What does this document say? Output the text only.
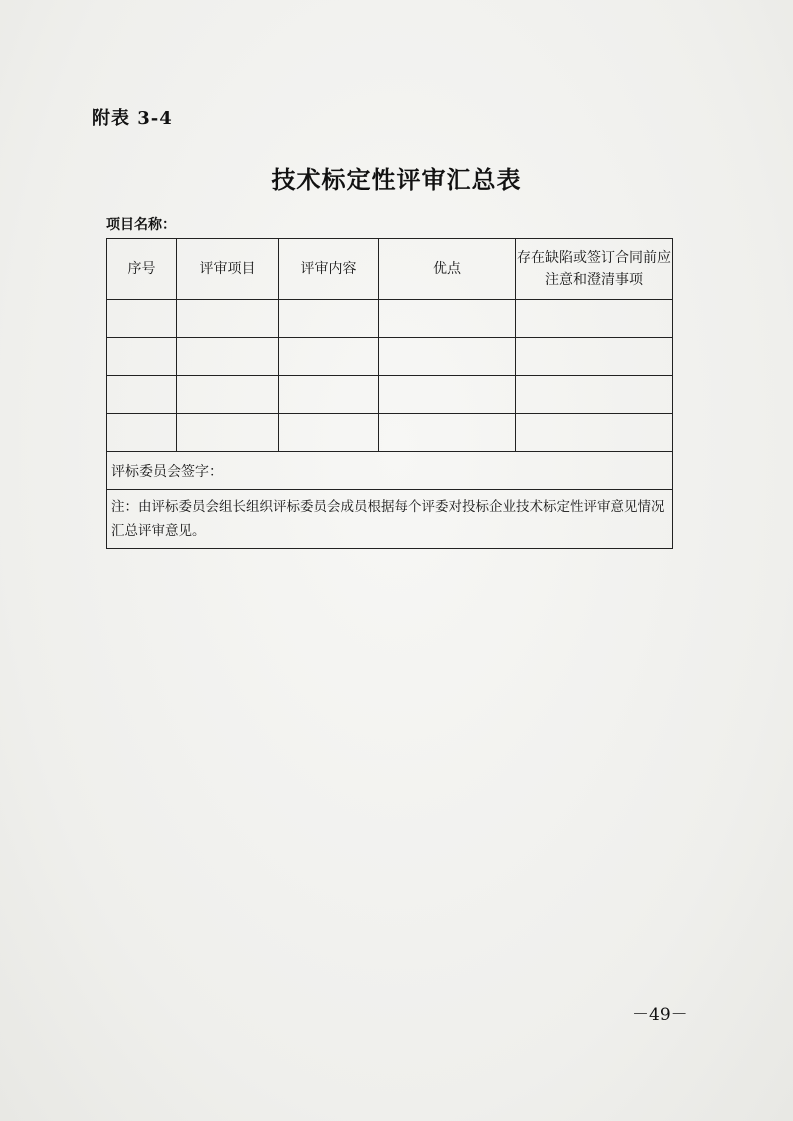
附表 3-4
技术标定性评审汇总表
项目名称：
序号	评审项目	评审内容	优点	存在缺陷或签订合同前应注意和澄清事项

评标委员会签字：				
注：由评标委员会组长组织评标委员会成员根据每个评委对投标企业技术标定性评审意见情况汇总评审意见。				
－49－
